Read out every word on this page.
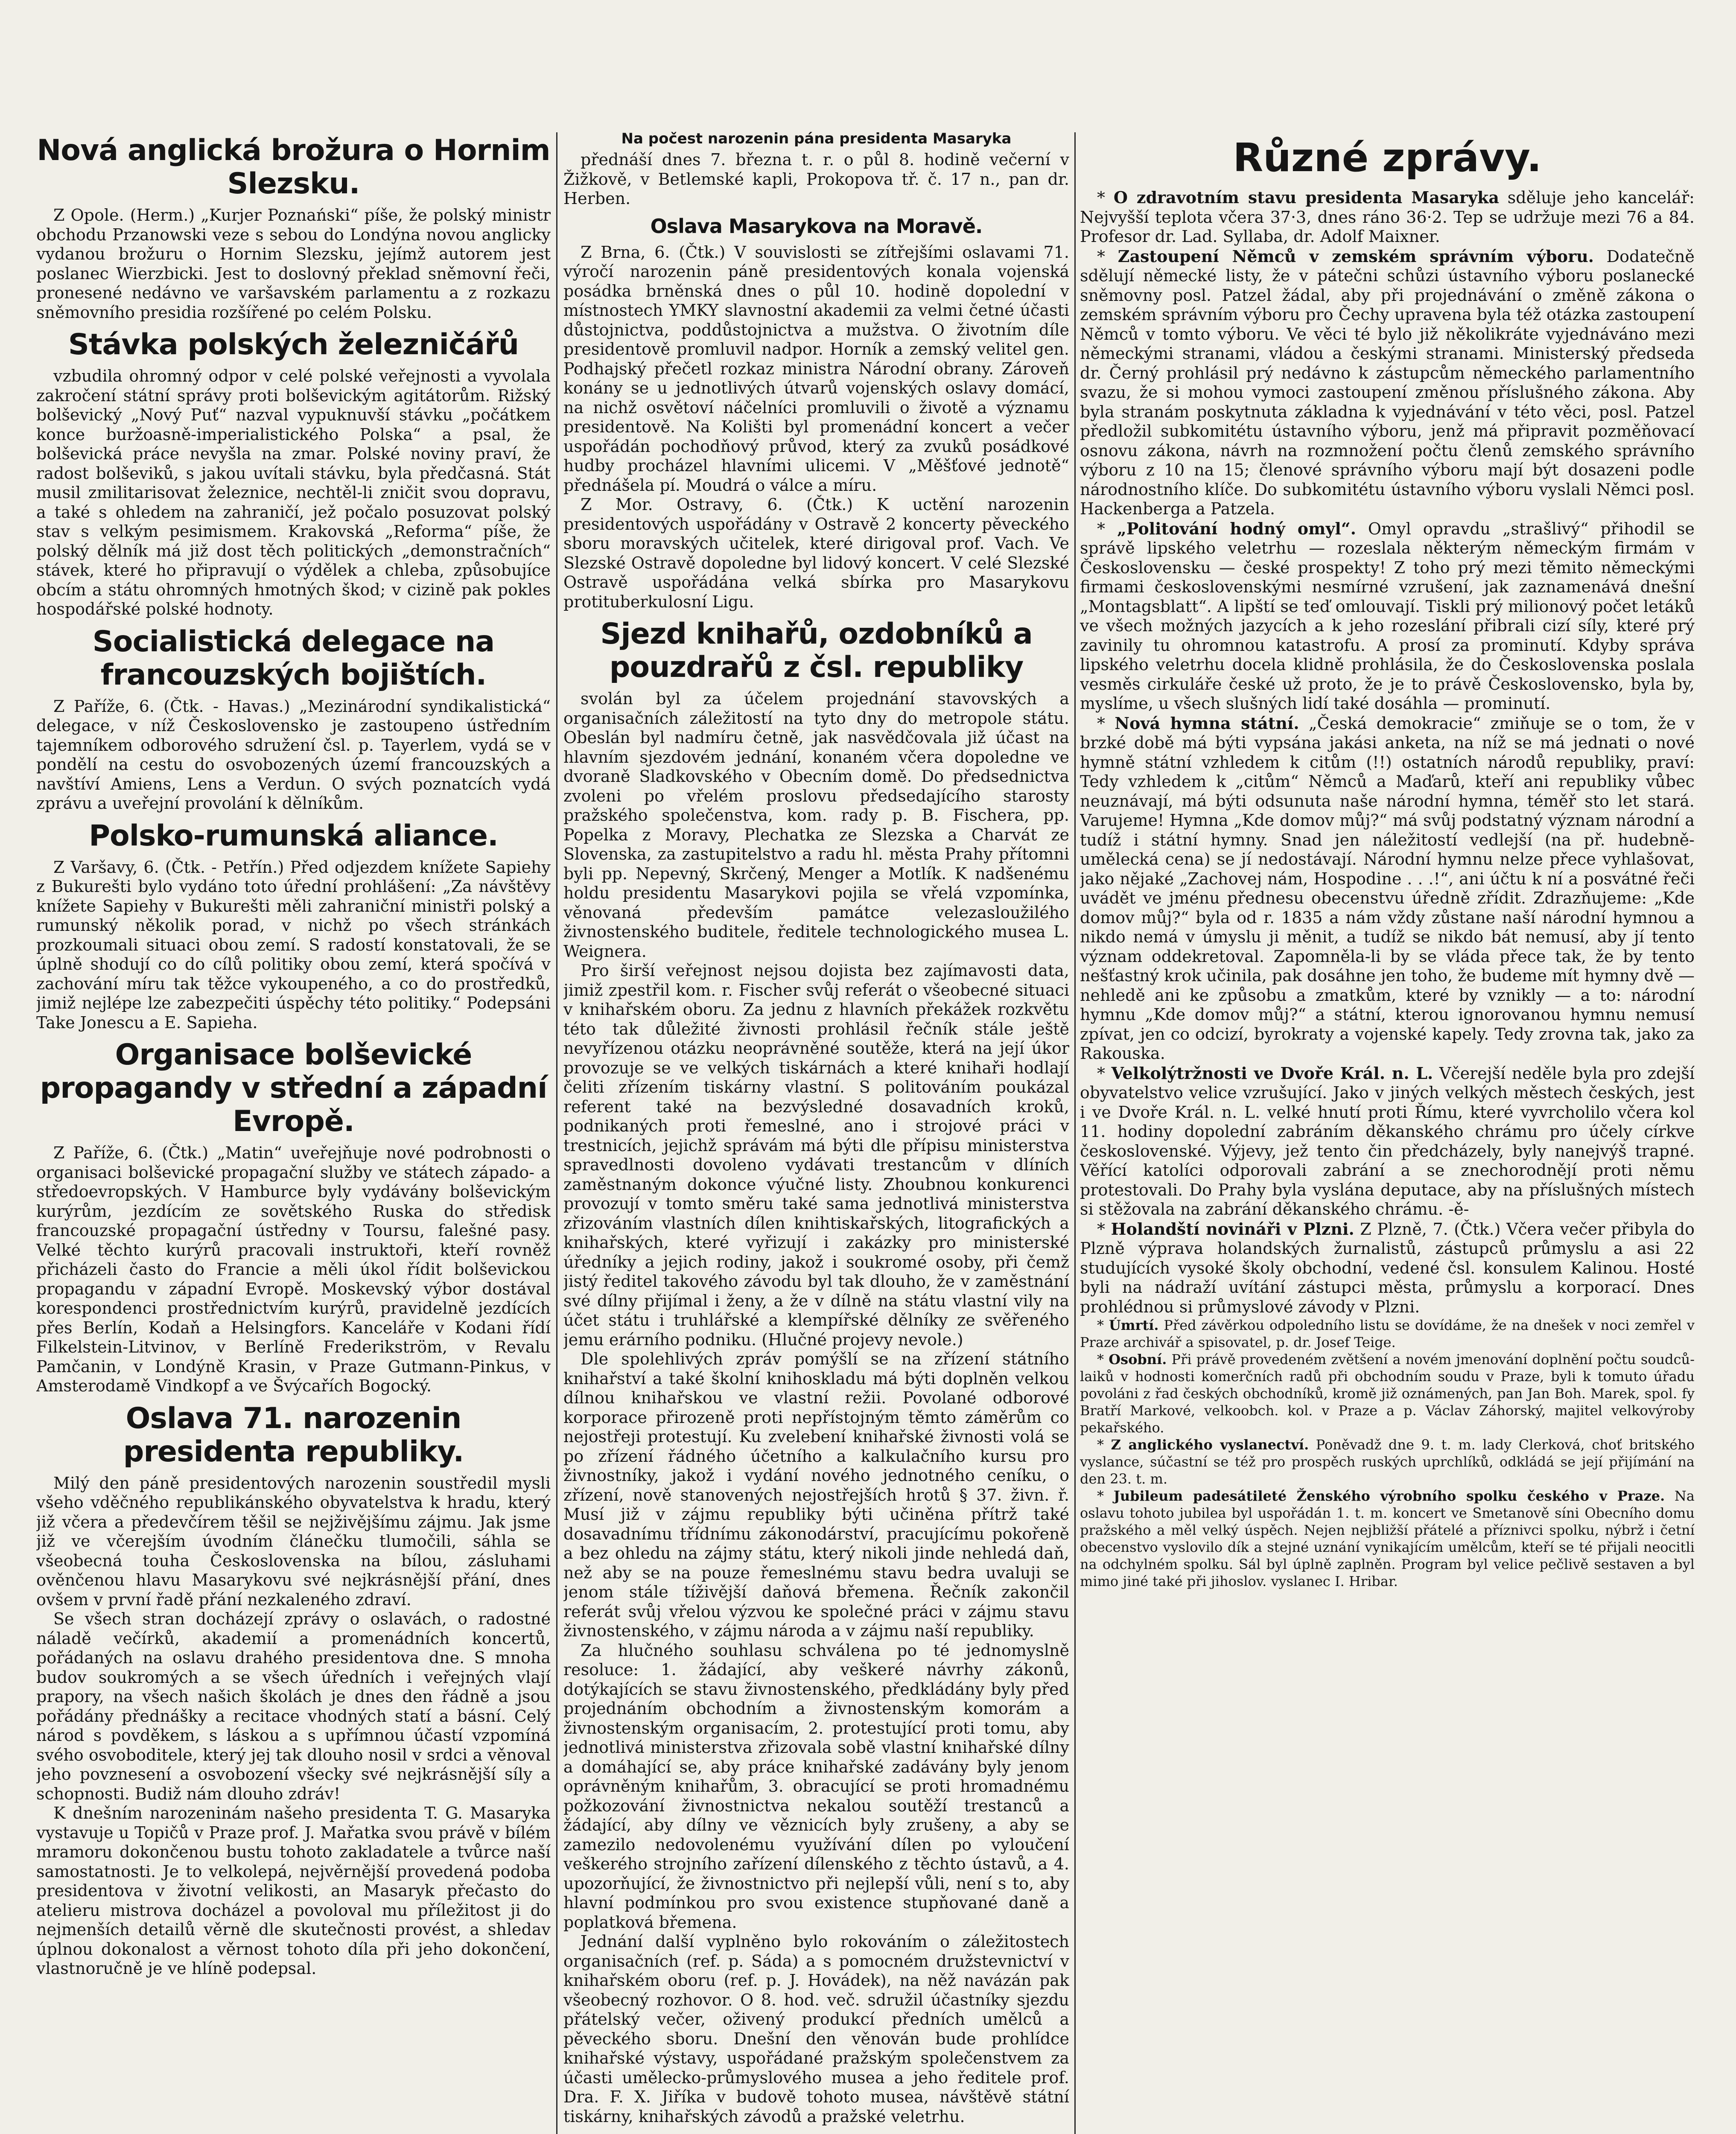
Nová anglická brožura o Hornim Slezsku.

Z Opole. (Herm.) „Kurjer Poznański“ píše, že polský ministr obchodu Przanowski veze s sebou do Londýna novou anglicky vydanou brožuru o Hornim Slezsku, jejímž autorem jest poslanec Wierzbicki. Jest to doslovný překlad sněmovní řeči, pronesené nedávno ve varšavském parlamentu a z rozkazu sněmovního presidia rozšířené po celém Polsku.

Stávka polských železničářů

vzbudila ohromný odpor v celé polské veřejnosti a vyvolala zakročení státní správy proti bolševickým agitátorům. Rižský bolševický „Nový Puť“ nazval vypuknuvší stávku „počátkem konce buržoasně-imperialistického Polska“ a psal, že bolševická práce nevyšla na zmar. Polské noviny praví, že radost bolševiků, s jakou uvítali stávku, byla předčasná. Stát musil zmilitarisovat železnice, nechtěl-li zničit svou dopravu, a také s ohledem na zahraničí, jež počalo posuzovat polský stav s velkým pesimismem. Krakovská „Reforma“ píše, že polský dělník má již dost těch politických „demonstračních“ stávek, které ho připravují o výdělek a chleba, způsobujíce obcím a státu ohromných hmotných škod; v cizině pak pokles hospodářské polské hodnoty.

Socialistická delegace na francouzských bojištích.

Z Paříže, 6. (Čtk. - Havas.) „Mezinárodní syndikalistická“ delegace, v níž Československo je zastoupeno ústředním tajemníkem odborového sdružení čsl. p. Tayerlem, vydá se v pondělí na cestu do osvobozených území francouzských a navštíví Amiens, Lens a Verdun. O svých poznatcích vydá zprávu a uveřejní provolání k dělníkům.

Polsko-rumunská aliance.

Z Varšavy, 6. (Čtk. - Petřín.) Před odjezdem knížete Sapiehy z Bukurešti bylo vydáno toto úřední prohlášení: „Za návštěvy knížete Sapiehy v Bukurešti měli zahraniční ministři polský a rumunský několik porad, v nichž po všech stránkách prozkoumali situaci obou zemí. S radostí konstatovali, že se úplně shodují co do cílů politiky obou zemí, která spočívá v zachování míru tak těžce vykoupeného, a co do prostředků, jimiž nejlépe lze zabezpečiti úspěchy této politiky.“ Podepsáni Take Jonescu a E. Sapieha.

Organisace bolševické propagandy v střední a západní Evropě.

Z Paříže, 6. (Čtk.) „Matin“ uveřejňuje nové podrobnosti o organisaci bolševické propagační služby ve státech západo- a středoevropských. V Hamburce byly vydávány bolševickým kurýrům, jezdícím ze sovětského Ruska do středisk francouzské propagační ústředny v Toursu, falešné pasy. Velké těchto kurýrů pracovali instruktoři, kteří rovněž přicházeli často do Francie a měli úkol řídit bolševickou propagandu v západní Evropě. Moskevský výbor dostával korespondenci prostřednictvím kurýrů, pravidelně jezdících přes Berlín, Kodaň a Helsingfors. Kanceláře v Kodani řídí Filkelstein-Litvinov, v Berlíně Frederikström, v Revalu Pamčanin, v Londýně Krasin, v Praze Gutmann-Pinkus, v Amsterodamě Vindkopf a ve Švýcařích Bogocký.

Oslava 71. narozenin presidenta republiky.

Milý den páně presidentových narozenin soustředil mysli všeho vděčného republikánského obyvatelstva k hradu, který již včera a předevčírem těšil se nejživějšímu zájmu. Jak jsme již ve včerejším úvodním článečku tlumočili, sáhla se všeobecná touha Československa na bílou, zásluhami ověnčenou hlavu Masarykovu své nejkrásnější přání, dnes ovšem v první řadě přání nezkaleného zdraví.

Se všech stran docházejí zprávy o oslavách, o radostné náladě večírků, akademií a promenádních koncertů, pořádaných na oslavu drahého presidentova dne. S mnoha budov soukromých a se všech úředních i veřejných vlají prapory, na všech našich školách je dnes den řádně a jsou pořádány přednášky a recitace vhodných statí a básní. Celý národ s povděkem, s láskou a s upřímnou účastí vzpomíná svého osvoboditele, který jej tak dlouho nosil v srdci a věnoval jeho povznesení a osvobození všecky své nejkrásnější síly a schopnosti. Budiž nám dlouho zdráv!

K dnešním narozeninám našeho presidenta T. G. Masaryka vystavuje u Topičů v Praze prof. J. Mařatka svou právě v bílém mramoru dokončenou bustu tohoto zakladatele a tvůrce naší samostatnosti. Je to velkolepá, nejvěrnější provedená podoba presidentova v životní velikosti, an Masaryk přečasto do atelieru mistrova docházel a povoloval mu příležitost ji do nejmenších detailů věrně dle skutečnosti provést, a shledav úplnou dokonalost a věrnost tohoto díla při jeho dokončení, vlastnoručně je ve hlíně podepsal.

Na počest narozenin pána presidenta Masaryka

přednáší dnes 7. března t. r. o půl 8. hodině večerní v Žižkově, v Betlemské kapli, Prokopova tř. č. 17 n., pan dr. Herben.

Oslava Masarykova na Moravě.

Z Brna, 6. (Čtk.) V souvislosti se zítřejšími oslavami 71. výročí narozenin páně presidentových konala vojenská posádka brněnská dnes o půl 10. hodině dopolední v místnostech YMKY slavnostní akademii za velmi četné účasti důstojnictva, poddůstojnictva a mužstva. O životním díle presidentově promluvil nadpor. Horník a zemský velitel gen. Podhajský přečetl rozkaz ministra Národní obrany. Zároveň konány se u jednotlivých útvarů vojenských oslavy domácí, na nichž osvětoví náčelníci promluvili o životě a významu presidentově. Na Kolišti byl promenádní koncert a večer uspořádán pochodňový průvod, který za zvuků posádkové hudby procházel hlavními ulicemi. V „Měšťové jednotě“ přednášela pí. Moudrá o válce a míru.

Z Mor. Ostravy, 6. (Čtk.) K uctění narozenin presidentových uspořádány v Ostravě 2 koncerty pěveckého sboru moravských učitelek, které dirigoval prof. Vach. Ve Slezské Ostravě dopoledne byl lidový koncert. V celé Slezské Ostravě uspořádána velká sbírka pro Masarykovu protituberkulosní Ligu.

Sjezd knihařů, ozdobníků a pouzdrařů z čsl. republiky

svolán byl za účelem projednání stavovských a organisačních záležitostí na tyto dny do metropole státu. Obeslán byl nadmíru četně, jak nasvědčovala již účast na hlavním sjezdovém jednání, konaném včera dopoledne ve dvoraně Sladkovského v Obecním domě. Do předsednictva zvoleni po vřelém proslovu předsedajícího starosty pražského společenstva, kom. rady p. B. Fischera, pp. Popelka z Moravy, Plechatka ze Slezska a Charvát ze Slovenska, za zastupitelstvo a radu hl. města Prahy přítomni byli pp. Nepevný, Skrčený, Menger a Motlík. K nadšenému holdu presidentu Masarykovi pojila se vřelá vzpomínka, věnovaná především památce velezasloužilého živnostenského buditele, ředitele technologického musea L. Weignera.

Pro širší veřejnost nejsou dojista bez zajímavosti data, jimiž zpestřil kom. r. Fischer svůj referát o všeobecné situaci v knihařském oboru. Za jednu z hlavních překážek rozkvětu této tak důležité živnosti prohlásil řečník stále ještě nevyřízenou otázku neoprávněné soutěže, která na její úkor provozuje se ve velkých tiskárnách a které knihaři hodlají čeliti zřízením tiskárny vlastní. S politováním poukázal referent také na bezvýsledné dosavadních kroků, podnikaných proti řemeslné, ano i strojové práci v trestnicích, jejichž správám má býti dle přípisu ministerstva spravedlnosti dovoleno vydávati trestancům v dlíních zaměstnaným dokonce výučné listy. Zhoubnou konkurenci provozují v tomto směru také sama jednotlivá ministerstva zřizováním vlastních dílen knihtiskařských, litografických a knihařských, které vyřizují i zakázky pro ministerské úředníky a jejich rodiny, jakož i soukromé osoby, při čemž jistý ředitel takového závodu byl tak dlouho, že v zaměstnání své dílny přijímal i ženy, a že v dílně na státu vlastní vily na účet státu i truhlářské a klempířské dělníky ze svěřeného jemu erárního podniku. (Hlučné projevy nevole.)

Dle spolehlivých zpráv pomýšlí se na zřízení státního knihařství a také školní knihoskladu má býti doplněn velkou dílnou knihařskou ve vlastní režii. Povolané odborové korporace přirozeně proti nepřístojným těmto záměrům co nejostřeji protestují. Ku zvelebení knihařské živnosti volá se po zřízení řádného účetního a kalkulačního kursu pro živnostníky, jakož i vydání nového jednotného ceníku, o zřízení, nově stanovených nejostřejších hrotů § 37. živn. ř. Musí již v zájmu republiky býti učiněna přítrž také dosavadnímu třídnímu zákonodárství, pracujícímu pokořeně a bez ohledu na zájmy státu, který nikoli jinde nehledá daň, než aby se na pouze řemeslnému stavu bedra uvaluji se jenom stále tíživější daňová břemena. Řečník zakončil referát svůj vřelou výzvou ke společné práci v zájmu stavu živnostenského, v zájmu národa a v zájmu naší republiky.

Za hlučného souhlasu schválena po té jednomyslně resoluce: 1. žádající, aby veškeré návrhy zákonů, dotýkajících se stavu živnostenského, předkládány byly před projednáním obchodním a živnostenským komorám a živnostenským organisacím, 2. protestující proti tomu, aby jednotlivá ministerstva zřizovala sobě vlastní knihařské dílny a domáhající se, aby práce knihařské zadávány byly jenom oprávněným knihařům, 3. obracující se proti hromadnému požkozování živnostnictva nekalou soutěží trestanců a žádající, aby dílny ve věznicích byly zrušeny, a aby se zamezilo nedovolenému využívání dílen po vyloučení veškerého strojního zařízení dílenského z těchto ústavů, a 4. upozorňující, že živnostnictvo při nejlepší vůli, není s to, aby hlavní podmínkou pro svou existence stupňované daně a poplatková břemena.

Jednání další vyplněno bylo rokováním o záležitostech organisačních (ref. p. Sáda) a s pomocném družstevnictví v knihařském oboru (ref. p. J. Hovádek), na něž navázán pak všeobecný rozhovor. O 8. hod. več. sdružil účastníky sjezdu přátelský večer, oživený produkcí předních umělců a pěveckého sboru. Dnešní den věnován bude prohlídce knihařské výstavy, uspořádané pražským společenstvem za účasti umělecko-průmyslového musea a jeho ředitele prof. Dra. F. X. Jiříka v budově tohoto musea, návštěvě státní tiskárny, knihařských závodů a pražské veletrhu.

Různé zprávy.

* O zdravotním stavu presidenta Masaryka sděluje jeho kancelář: Nejvyšší teplota včera 37·3, dnes ráno 36·2. Tep se udržuje mezi 76 a 84. Profesor dr. Lad. Syllaba, dr. Adolf Maixner.

* Zastoupení Němců v zemském správním výboru. Dodatečně sdělují německé listy, že v pátečni schůzi ústavního výboru poslanecké sněmovny posl. Patzel žádal, aby při projednávání o změně zákona o zemském správním výboru pro Čechy upravena byla též otázka zastoupení Němců v tomto výboru. Ve věci té bylo již několikráte vyjednáváno mezi německými stranami, vládou a českými stranami. Ministerský předseda dr. Černý prohlásil prý nedávno k zástupcům německého parlamentního svazu, že si mohou vymoci zastoupení změnou příslušného zákona. Aby byla stranám poskytnuta základna k vyjednávání v této věci, posl. Patzel předložil subkomitétu ústavního výboru, jenž má připravit pozměňovací osnovu zákona, návrh na rozmnožení počtu členů zemského správního výboru z 10 na 15; členové správního výboru mají být dosazeni podle národnostního klíče. Do subkomitétu ústavního výboru vyslali Němci posl. Hackenberga a Patzela.

* „Politování hodný omyl“. Omyl opravdu „strašlivý“ přihodil se správě lipského veletrhu — rozeslala některým německým firmám v Československu — české prospekty! Z toho prý mezi těmito německými firmami československými nesmírné vzrušení, jak zaznamenává dnešní „Montagsblatt“. A lipští se teď omlouvají. Tiskli prý milionový počet letáků ve všech možných jazycích a k jeho rozeslání přibrali cizí síly, které prý zavinily tu ohromnou katastrofu. A prosí za prominutí. Kdyby správa lipského veletrhu docela klidně prohlásila, že do Československa poslala vesměs cirkuláře české už proto, že je to právě Československo, byla by, myslíme, u všech slušných lidí také dosáhla — prominutí.

* Nová hymna státní. „Česká demokracie“ zmiňuje se o tom, že v brzké době má býti vypsána jakási anketa, na níž se má jednati o nové hymně státní vzhledem k citům (!!) ostatních národů republiky, praví: Tedy vzhledem k „citům“ Němců a Maďarů, kteří ani republiky vůbec neuznávají, má býti odsunuta naše národní hymna, téměř sto let stará. Varujeme! Hymna „Kde domov můj?“ má svůj podstatný význam národní a tudíž i státní hymny. Snad jen náležitostí vedlejší (na př. hudebně-umělecká cena) se jí nedostávají. Národní hymnu nelze přece vyhlašovat, jako nějaké „Zachovej nám, Hospodine . . .!“, ani účtu k ní a posvátné řeči uvádět ve jménu přednesu obecenstvu úředně zřídit. Zdrazňujeme: „Kde domov můj?“ byla od r. 1835 a nám vždy zůstane naší národní hymnou a nikdo nemá v úmyslu ji měnit, a tudíž se nikdo bát nemusí, aby jí tento význam oddekretoval. Zapomněla-li by se vláda přece tak, že by tento nešťastný krok učinila, pak dosáhne jen toho, že budeme mít hymny dvě — nehledě ani ke způsobu a zmatkům, které by vznikly — a to: národní hymnu „Kde domov můj?“ a státní, kterou ignorovanou hymnu nemusí zpívat, jen co odcizí, byrokraty a vojenské kapely. Tedy zrovna tak, jako za Rakouska.

* Velkolýtržnosti ve Dvoře Král. n. L. Včerejší neděle byla pro zdejší obyvatelstvo velice vzrušující. Jako v jiných velkých městech českých, jest i ve Dvoře Král. n. L. velké hnutí proti Římu, které vyvrcholilo včera kol 11. hodiny dopolední zabráním děkanského chrámu pro účely církve československé. Výjevy, jež tento čin předcházely, byly nanejvýš trapné. Věřící katolíci odporovali zabrání a se znechorodnějí proti němu protestovali. Do Prahy byla vyslána deputace, aby na příslušných místech si stěžovala na zabrání děkanského chrámu. -ě-

* Holandští novináři v Plzni. Z Plzně, 7. (Čtk.) Včera večer přibyla do Plzně výprava holandských žurnalistů, zástupců průmyslu a asi 22 studujících vysoké školy obchodní, vedené čsl. konsulem Kalinou. Hosté byli na nádraží uvítání zástupci města, průmyslu a korporací. Dnes prohlédnou si průmyslové závody v Plzni.

* Úmrtí. Před závěrkou odpoledního listu se dovídáme, že na dnešek v noci zemřel v Praze archivář a spisovatel, p. dr. Josef Teige.

* Osobní. Při právě provedeném zvětšení a novém jmenování doplnění počtu soudců-laiků v hodnosti komerčních radů při obchodním soudu v Praze, byli k tomuto úřadu povoláni z řad českých obchodníků, kromě již oznámených, pan Jan Boh. Marek, spol. fy Bratří Markové, velkoobch. kol. v Praze a p. Václav Záhorský, majitel velkovýroby pekařského.

* Z anglického vyslanectví. Poněvadž dne 9. t. m. lady Clerková, choť britského vyslance, súčastní se též pro prospěch ruských uprchlíků, odkládá se její přijímání na den 23. t. m.

* Jubileum padesátileté Ženského výrobního spolku českého v Praze. Na oslavu tohoto jubilea byl uspořádán 1. t. m. koncert ve Smetanově síni Obecního domu pražského a měl velký úspěch. Nejen nejbližší přátelé a příznivci spolku, nýbrž i četní obecenstvo vyslovilo dík a stejné uznání vynikajícím umělcům, kteří se té přijali neocitli na odchylném spolku. Sál byl úplně zaplněn. Program byl velice pečlivě sestaven a byl mimo jiné také při jihoslov. vyslanec I. Hribar.
